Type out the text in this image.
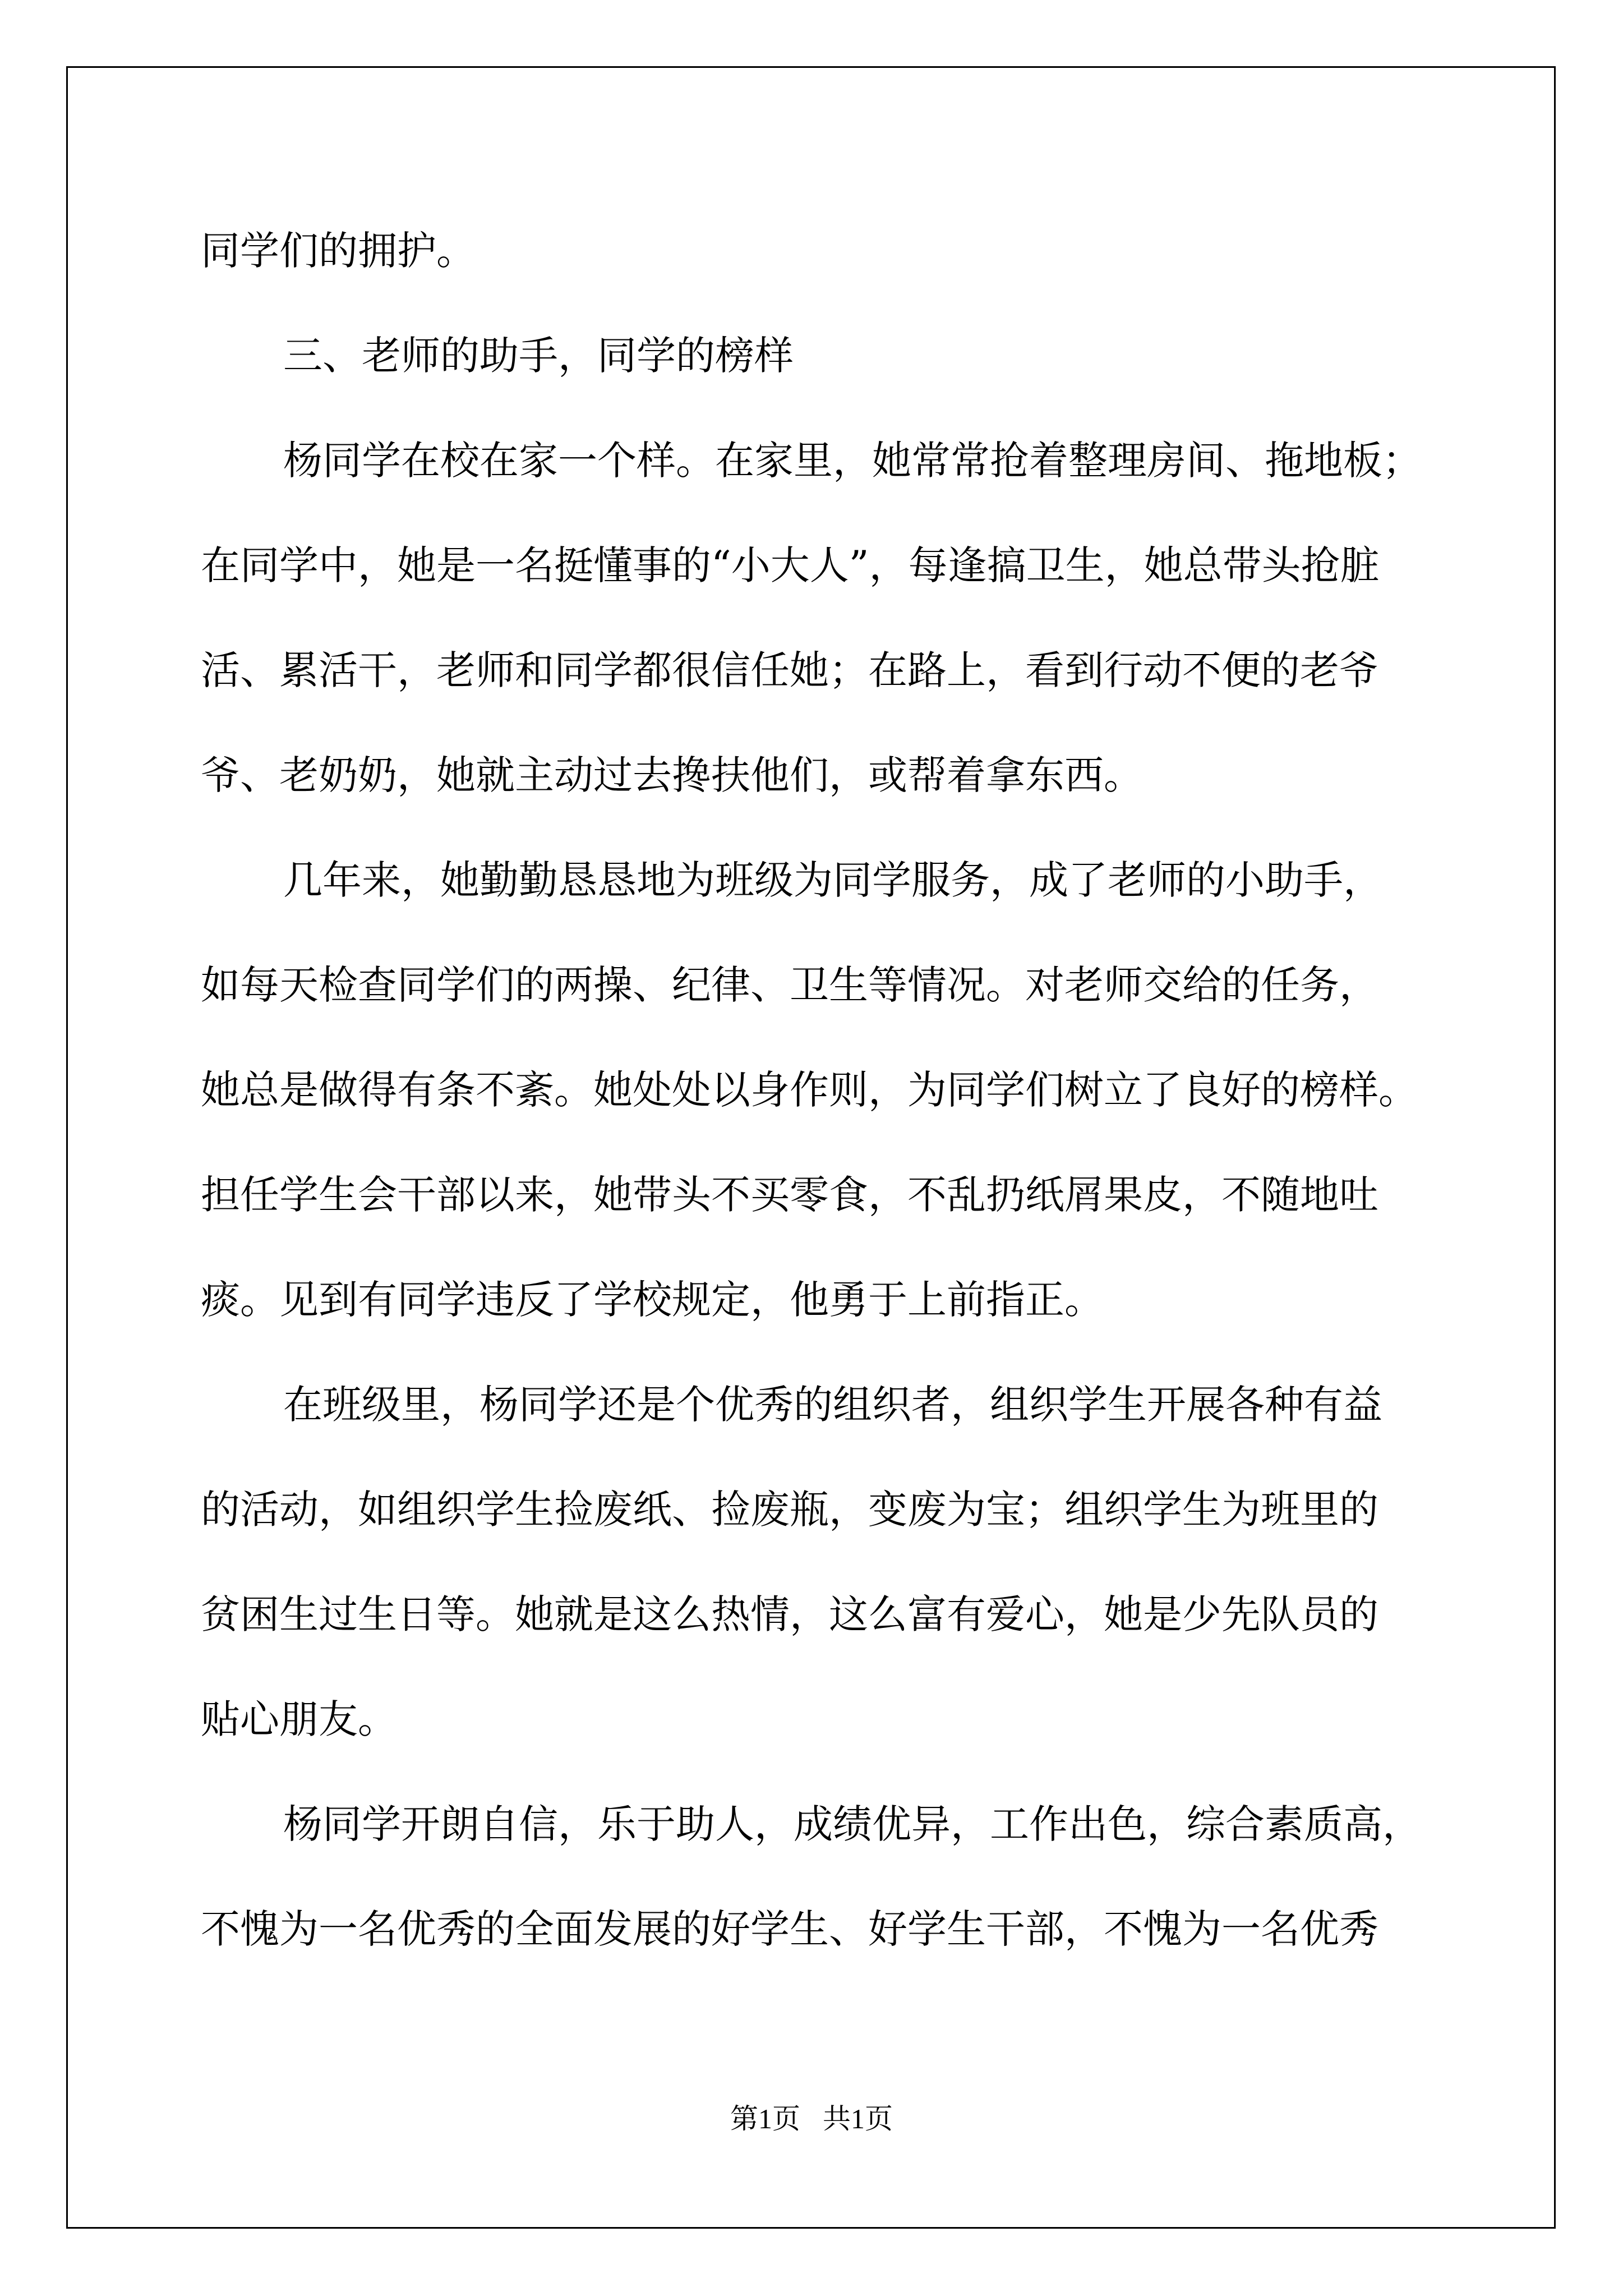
同学们的拥护。
三、老师的助手，同学的榜样
杨同学在校在家一个样。在家里，她常常抢着整理房间、拖地板；
在同学中，她是一名挺懂事的“小大人”，每逢搞卫生，她总带头抢脏
活、累活干，老师和同学都很信任她；在路上，看到行动不便的老爷
爷、老奶奶，她就主动过去搀扶他们，或帮着拿东西。
几年来，她勤勤恳恳地为班级为同学服务，成了老师的小助手，
如每天检查同学们的两操、纪律、卫生等情况。对老师交给的任务，
她总是做得有条不紊。她处处以身作则，为同学们树立了良好的榜样。
担任学生会干部以来，她带头不买零食，不乱扔纸屑果皮，不随地吐
痰。见到有同学违反了学校规定，他勇于上前指正。
在班级里，杨同学还是个优秀的组织者，组织学生开展各种有益
的活动，如组织学生捡废纸、捡废瓶，变废为宝；组织学生为班里的
贫困生过生日等。她就是这么热情，这么富有爱心，她是少先队员的
贴心朋友。
杨同学开朗自信，乐于助人，成绩优异，工作出色，综合素质高，
不愧为一名优秀的全面发展的好学生、好学生干部，不愧为一名优秀
第1页 共1页
